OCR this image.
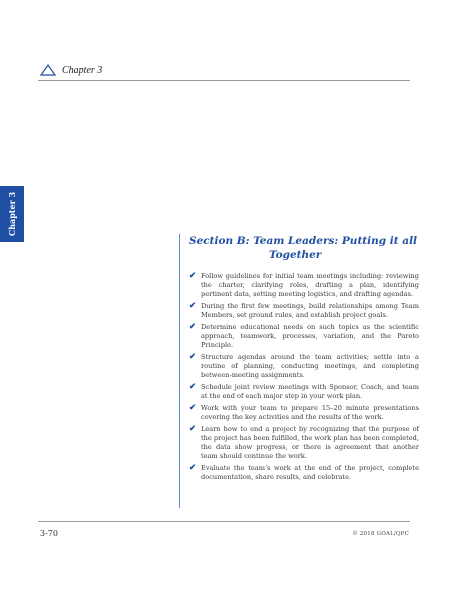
Chapter 3
Chapter 3
Section B: Team Leaders: Putting it all
Together
✔ Follow guidelines for initial team meetings including: reviewing the charter, clarifying roles, drafting a plan, identifying pertinent data, setting meeting logistics, and drafting agendas.
✔ During the first few meetings, build relationships among Team Members, set ground rules, and establish project goals.
✔ Determine educational needs on such topics as the scientific approach, teamwork, processes, variation, and the Pareto Principle.
✔ Structure agendas around the team activities; settle into a routine of planning, conducting meetings, and completing between-meeting assignments.
✔ Schedule joint review meetings with Sponsor, Coach, and team at the end of each major step in your work plan.
✔ Work with your team to prepare 15–20 minute presentations covering the key activities and the results of the work.
✔ Learn how to end a project by recognizing that the purpose of the project has been fulfilled, the work plan has been completed, the data show progress, or there is agreement that another team should continue the work.
✔ Evaluate the team’s work at the end of the project, complete documentation, share results, and celebrate.
3-70	© 2018 GOAL/QPC
